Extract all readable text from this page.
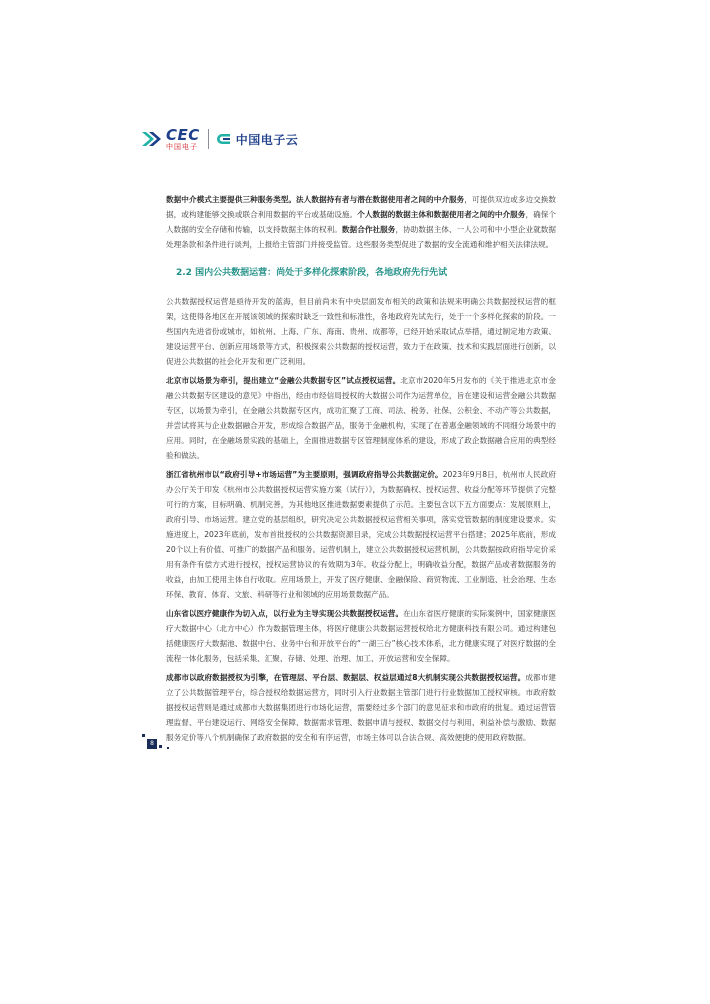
CEC
中国电子	中国电子云

数据中介模式主要提供三种服务类型。法人数据持有者与潜在数据使用者之间的中介服务，可提供双边或多边交换数据，或构建能够交换或联合利用数据的平台或基础设施。个人数据的数据主体和数据使用者之间的中介服务，确保个人数据的安全存储和传输，以支持数据主体的权利。数据合作社服务，协助数据主体、一人公司和中小型企业就数据处理条款和条件进行谈判，上报给主管部门并接受监管。这些服务类型促进了数据的安全流通和维护相关法律法规。

2.2 国内公共数据运营：尚处于多样化探索阶段，各地政府先行先试

公共数据授权运营是亟待开发的蓝海，但目前尚未有中央层面发布相关的政策和法规来明确公共数据授权运营的框架，这使得各地区在开展该领域的探索时缺乏一致性和标准性，各地政府先试先行，处于一个多样化探索的阶段。一些国内先进省份或城市，如杭州、上海、广东、海南、贵州、成都等，已经开始采取试点举措，通过制定地方政策、建设运营平台、创新应用场景等方式，积极探索公共数据的授权运营，致力于在政策、技术和实践层面进行创新，以促进公共数据的社会化开发和更广泛利用。

北京市以场景为牵引，提出建立“金融公共数据专区”试点授权运营。北京市2020年5月发布的《关于推进北京市金融公共数据专区建设的意见》中指出，经由市经信局授权的大数据公司作为运营单位，旨在建设和运营金融公共数据专区，以场景为牵引，在金融公共数据专区内，成功汇聚了工商、司法、税务、社保、公积金、不动产等公共数据，并尝试将其与企业数据融合开发，形成综合数据产品，服务于金融机构，实现了在普惠金融领域的不同细分场景中的应用。同时，在金融场景实践的基础上，全面推进数据专区管理制度体系的建设，形成了政企数据融合应用的典型经验和做法。

浙江省杭州市以“政府引导+市场运营”为主要原则，强调政府指导公共数据定价。2023年9月8日，杭州市人民政府办公厅关于印发《杭州市公共数据授权运营实施方案（试行）》，为数据确权、授权运营、收益分配等环节提供了完整可行的方案，目标明确、机制完善，为其他地区推进数据要素提供了示范。主要包含以下五方面要点：发展原则上，政府引导、市场运营。建立党的基层组织，研究决定公共数据授权运营相关事项，落实党管数据的制度建设要求。实施进度上，2023年底前，发布首批授权的公共数据资源目录，完成公共数据授权运营平台搭建；2025年底前，形成20个以上有价值、可推广的数据产品和服务。运营机制上，建立公共数据授权运营机制，公共数据按政府指导定价采用有条件有偿方式进行授权，授权运营协议的有效期为3年。收益分配上，明确收益分配，数据产品或者数据服务的收益，由加工使用主体自行收取。应用场景上，开发了医疗健康、金融保险、商贸物流、工业制造、社会治理、生态环保、教育、体育、文旅、科研等行业和领域的应用场景数据产品。

山东省以医疗健康作为切入点，以行业为主导实现公共数据授权运营。在山东省医疗健康的实际案例中，国家健康医疗大数据中心（北方中心）作为数据管理主体，将医疗健康公共数据运营授权给北方健康科技有限公司。通过构建包括健康医疗大数据池、数据中台、业务中台和开放平台的“一湖三台”核心技术体系，北方健康实现了对医疗数据的全流程一体化服务，包括采集、汇聚、存储、处理、治理、加工、开放运营和安全保障。

成都市以政府数据授权为引擎，在管理层、平台层、数据层、权益层通过8大机制实现公共数据授权运营。成都市建立了公共数据管理平台，综合授权给数据运营方，同时引入行业数据主管部门进行行业数据加工授权审核。市政府数据授权运营则是通过成都市大数据集团进行市场化运营，需要经过多个部门的意见征求和市政府的批复。通过运营管理监督、平台建设运行、网络安全保障、数据需求管理、数据申请与授权、数据交付与利用、利益补偿与激励、数据服务定价等八个机制确保了政府数据的安全和有序运营，市场主体可以合法合规、高效便捷的使用政府数据。

8
